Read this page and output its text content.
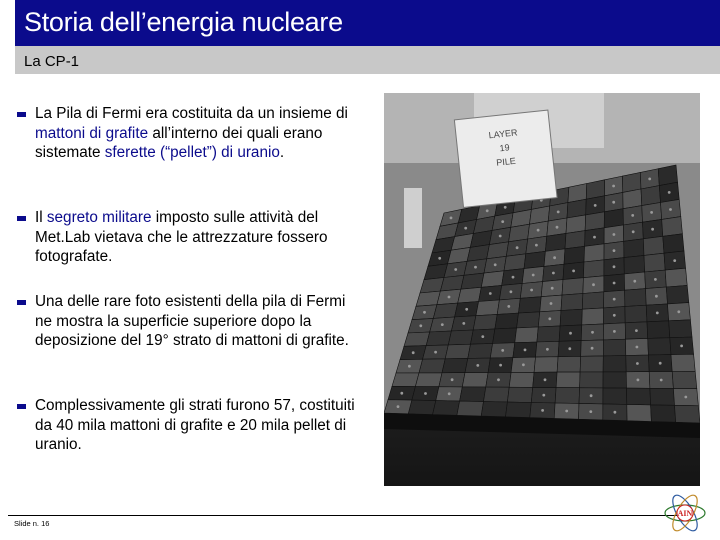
Storia dell’energia nucleare
La CP-1
La Pila di Fermi era costituita da un insieme di mattoni di grafite all’interno dei quali erano sistemate sferette (“pellet”) di uranio.
Il segreto militare imposto sulle attività del Met.Lab vietava che le attrezzature fossero fotografate.
Una delle rare foto esistenti della pila di Fermi ne mostra la superficie superiore dopo la deposizione del 19° strato di mattoni di grafite.
Complessivamente gli strati furono 57, costituiti da 40 mila mattoni di grafite e 20 mila pellet di uranio.
LAYER
19
PILE
Slide n. 16
AIN
